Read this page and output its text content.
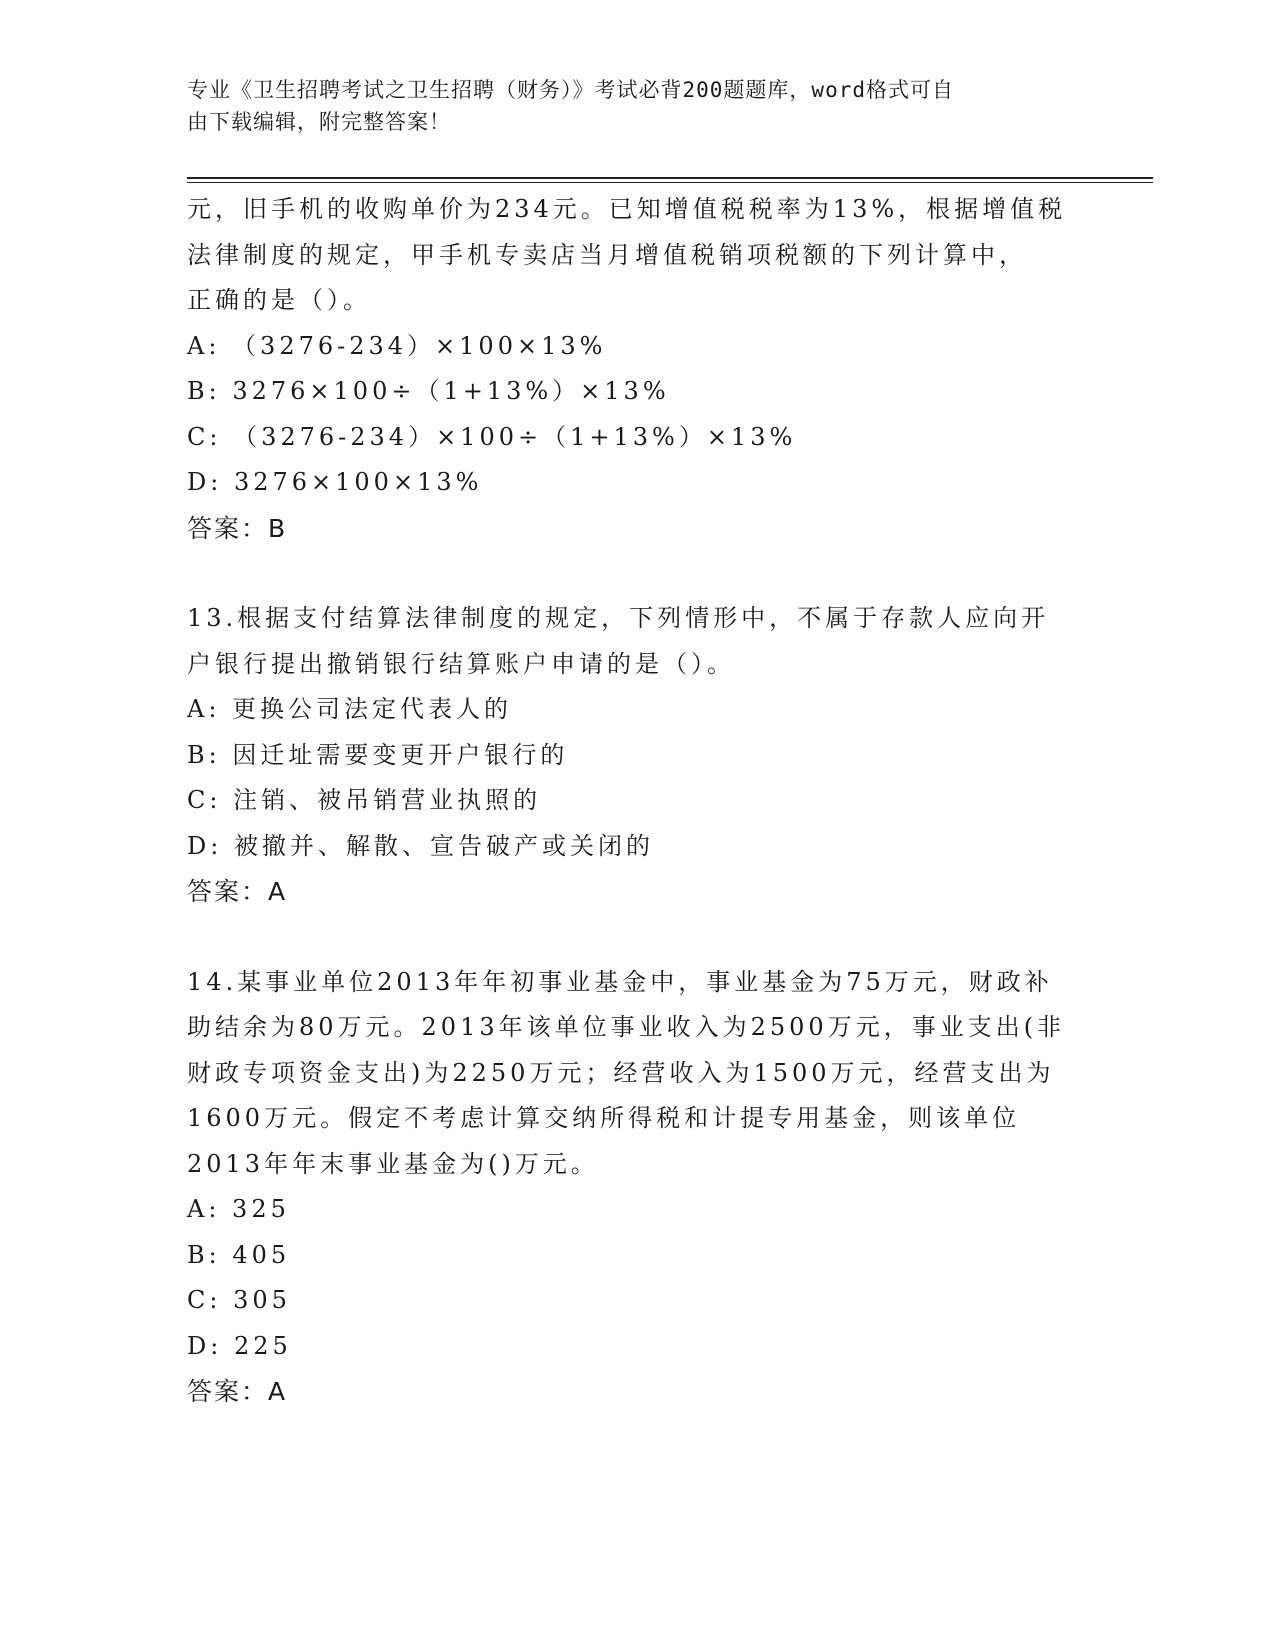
专业《卫生招聘考试之卫生招聘（财务）》考试必背200题题库，word格式可自
由下载编辑，附完整答案！
元，旧手机的收购单价为234元。已知增值税税率为13%，根据增值税
法律制度的规定，甲手机专卖店当月增值税销项税额的下列计算中，
正确的是（）。
A: （3276-234）×100×13%
B: 3276×100÷（1+13%）×13%
C: （3276-234）×100÷（1+13%）×13%
D: 3276×100×13%
答案：B
13.根据支付结算法律制度的规定，下列情形中，不属于存款人应向开
户银行提出撤销银行结算账户申请的是（）。
A: 更换公司法定代表人的
B: 因迁址需要变更开户银行的
C: 注销、被吊销营业执照的
D: 被撤并、解散、宣告破产或关闭的
答案：A
14.某事业单位2013年年初事业基金中，事业基金为75万元，财政补
助结余为80万元。2013年该单位事业收入为2500万元，事业支出(非
财政专项资金支出)为2250万元；经营收入为1500万元，经营支出为
1600万元。假定不考虑计算交纳所得税和计提专用基金，则该单位
2013年年末事业基金为()万元。
A: 325
B: 405
C: 305
D: 225
答案：A
